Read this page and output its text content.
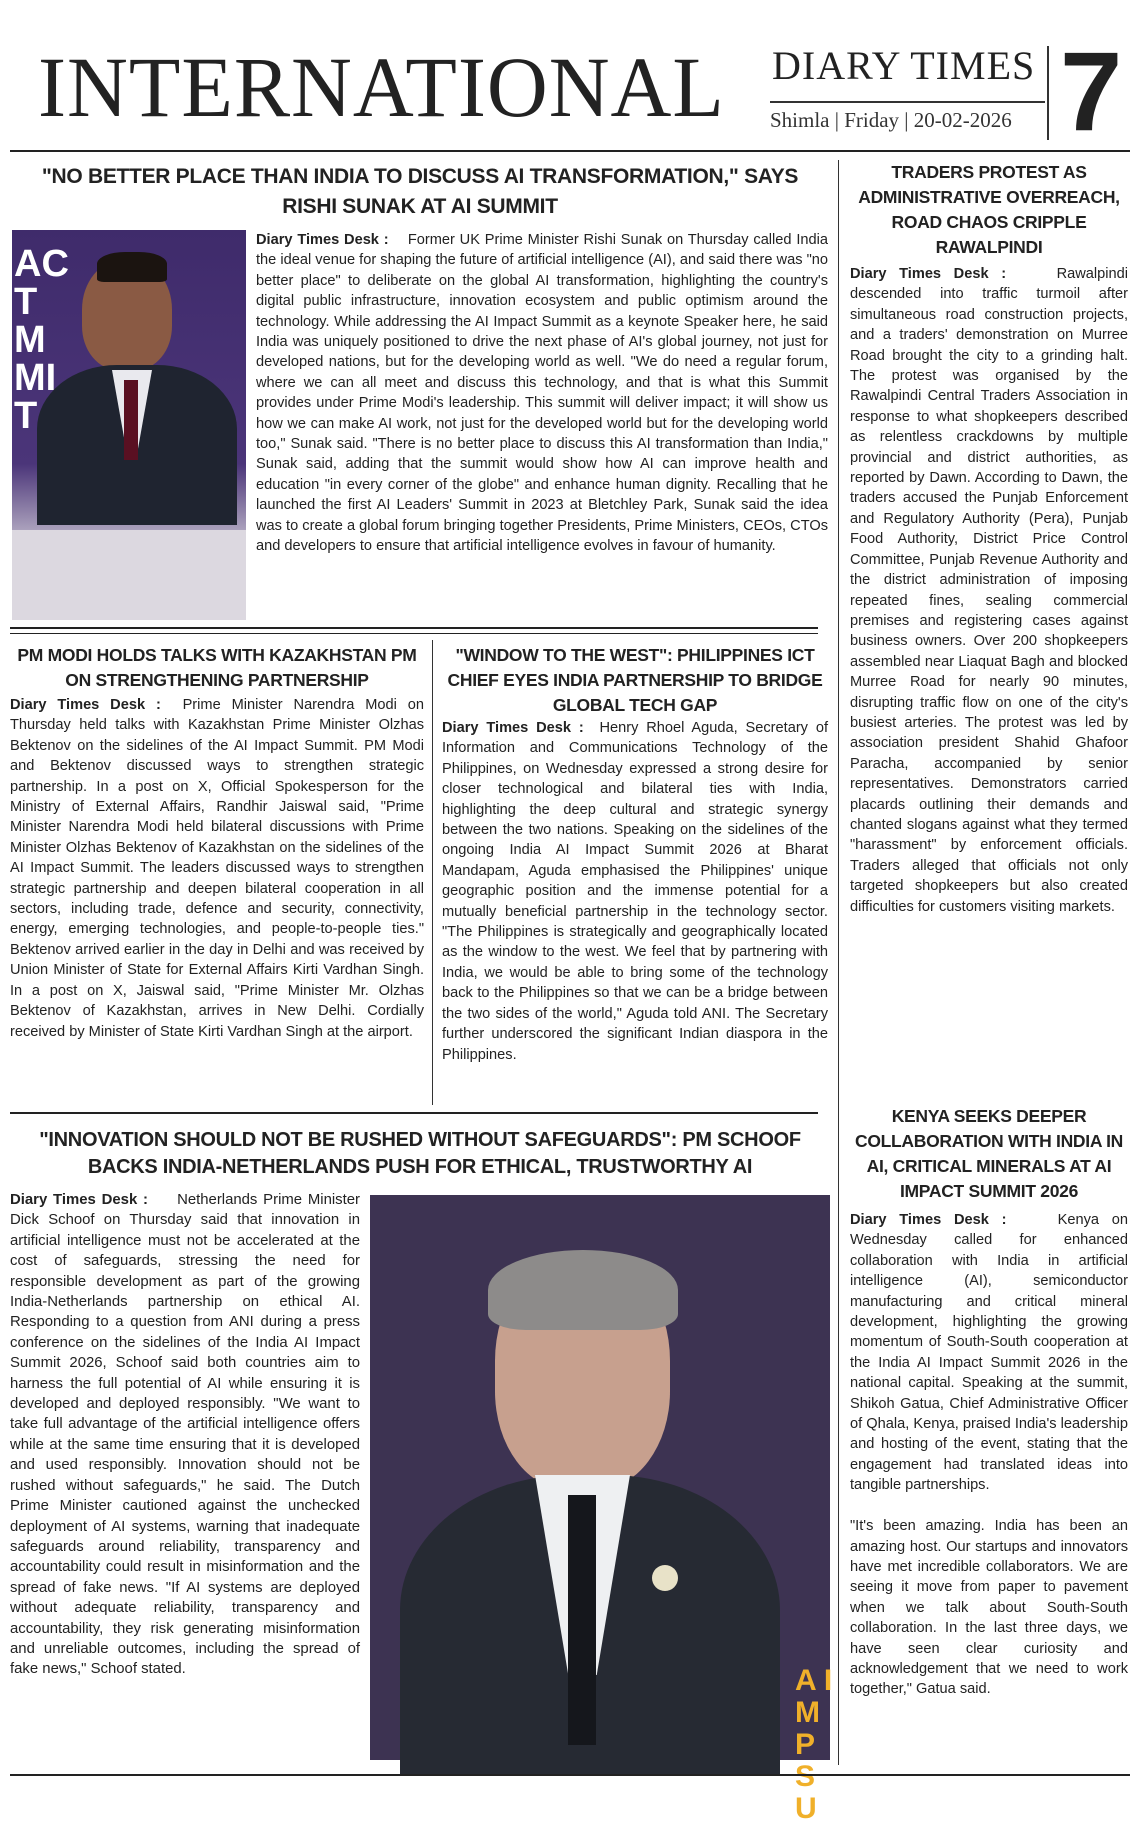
INTERNATIONAL DIARY TIMES
Shimla | Friday | 20-02-2026 7
"NO BETTER PLACE THAN INDIA TO DISCUSS AI TRANSFORMATION," SAYS RISHI SUNAK AT AI SUMMIT
ACT MMIT
Diary Times Desk : Former UK Prime Minister Rishi Sunak on Thursday called India the ideal venue for shaping the future of artificial intelligence (AI), and said there was "no better place" to deliberate on the global AI transformation, highlighting the country's digital public infrastructure, innovation ecosystem and public optimism around the technology. While addressing the AI Impact Summit as a keynote Speaker here, he said India was uniquely positioned to drive the next phase of AI's global journey, not just for developed nations, but for the developing world as well. "We do need a regular forum, where we can all meet and discuss this technology, and that is what this Summit provides under Prime Modi's leadership. This summit will deliver impact; it will show us how we can make AI work, not just for the developed world but for the developing world too," Sunak said. "There is no better place to discuss this AI transformation than India," Sunak said, adding that the summit would show how AI can improve health and education "in every corner of the globe" and enhance human dignity. Recalling that he launched the first AI Leaders' Summit in 2023 at Bletchley Park, Sunak said the idea was to create a global forum bringing together Presidents, Prime Ministers, CEOs, CTOs and developers to ensure that artificial intelligence evolves in favour of humanity.
PM MODI HOLDS TALKS WITH KAZAKHSTAN PM ON STRENGTHENING PARTNERSHIP
Diary Times Desk : Prime Minister Narendra Modi on Thursday held talks with Kazakhstan Prime Minister Olzhas Bektenov on the sidelines of the AI Impact Summit. PM Modi and Bektenov discussed ways to strengthen strategic partnership. In a post on X, Official Spokesperson for the Ministry of External Affairs, Randhir Jaiswal said, "Prime Minister Narendra Modi held bilateral discussions with Prime Minister Olzhas Bektenov of Kazakhstan on the sidelines of the AI Impact Summit. The leaders discussed ways to strengthen strategic partnership and deepen bilateral cooperation in all sectors, including trade, defence and security, connectivity, energy, emerging technologies, and people-to-people ties." Bektenov arrived earlier in the day in Delhi and was received by Union Minister of State for External Affairs Kirti Vardhan Singh. In a post on X, Jaiswal said, "Prime Minister Mr. Olzhas Bektenov of Kazakhstan, arrives in New Delhi. Cordially received by Minister of State Kirti Vardhan Singh at the airport.
"WINDOW TO THE WEST": PHILIPPINES ICT CHIEF EYES INDIA PARTNERSHIP TO BRIDGE GLOBAL TECH GAP
Diary Times Desk : Henry Rhoel Aguda, Secretary of Information and Communications Technology of the Philippines, on Wednesday expressed a strong desire for closer technological and bilateral ties with India, highlighting the deep cultural and strategic synergy between the two nations. Speaking on the sidelines of the ongoing India AI Impact Summit 2026 at Bharat Mandapam, Aguda emphasised the Philippines' unique geographic position and the immense potential for a mutually beneficial partnership in the technology sector. "The Philippines is strategically and geographically located as the window to the west. We feel that by partnering with India, we would be able to bring some of the technology back to the Philippines so that we can be a bridge between the two sides of the world," Aguda told ANI. The Secretary further underscored the significant Indian diaspora in the Philippines.
"INNOVATION SHOULD NOT BE RUSHED WITHOUT SAFEGUARDS": PM SCHOOF BACKS INDIA-NETHERLANDS PUSH FOR ETHICAL, TRUSTWORTHY AI
Diary Times Desk : Netherlands Prime Minister Dick Schoof on Thursday said that innovation in artificial intelligence must not be accelerated at the cost of safeguards, stressing the need for responsible development as part of the growing India-Netherlands partnership on ethical AI. Responding to a question from ANI during a press conference on the sidelines of the India AI Impact Summit 2026, Schoof said both countries aim to harness the full potential of AI while ensuring it is developed and deployed responsibly. "We want to take full advantage of the artificial intelligence offers while at the same time ensuring that it is developed and used responsibly. Innovation should not be rushed without safeguards," he said. The Dutch Prime Minister cautioned against the unchecked deployment of AI systems, warning that inadequate safeguards around reliability, transparency and accountability could result in misinformation and the spread of fake news. "If AI systems are deployed without adequate reliability, transparency and accountability, they risk generating misinformation and unreliable outcomes, including the spread of fake news," Schoof stated.	A IMP SU
TRADERS PROTEST AS ADMINISTRATIVE OVERREACH, ROAD CHAOS CRIPPLE RAWALPINDI
Diary Times Desk :	Rawalpindi descended into traffic turmoil after simultaneous road construction projects, and a traders' demonstration on Murree Road brought the city to a grinding halt. The protest was organised by the Rawalpindi Central Traders Association in response to what shopkeepers described as relentless crackdowns by multiple provincial and district authorities, as reported by Dawn. According to Dawn, the traders accused the Punjab Enforcement and Regulatory Authority (Pera), Punjab Food Authority, District Price Control Committee, Punjab Revenue Authority and the district administration of imposing repeated fines, sealing commercial premises and registering cases against business owners. Over 200 shopkeepers assembled near Liaquat Bagh and blocked Murree Road for nearly 90 minutes, disrupting traffic flow on one of the city's busiest arteries. The protest was led by association president Shahid Ghafoor Paracha, accompanied by senior representatives. Demonstrators carried placards outlining their demands and chanted slogans against what they termed "harassment" by enforcement officials. Traders alleged that officials not only targeted shopkeepers but also created difficulties for customers visiting markets.
KENYA SEEKS DEEPER COLLABORATION WITH INDIA IN AI, CRITICAL MINERALS AT AI IMPACT SUMMIT 2026
Diary Times Desk :	Kenya on Wednesday called for enhanced collaboration with India in artificial intelligence (AI), semiconductor manufacturing and critical mineral development, highlighting the growing momentum of South-South cooperation at the India AI Impact Summit 2026 in the national capital. Speaking at the summit, Shikoh Gatua, Chief Administrative Officer of Qhala, Kenya, praised India's leadership and hosting of the event, stating that the engagement had translated ideas into tangible partnerships.

"It's been amazing. India has been an amazing host. Our startups and innovators have met incredible collaborators. We are seeing it move from paper to pavement when we talk about South-South collaboration. In the last three days, we have seen clear curiosity and acknowledgement that we need to work together," Gatua said.
